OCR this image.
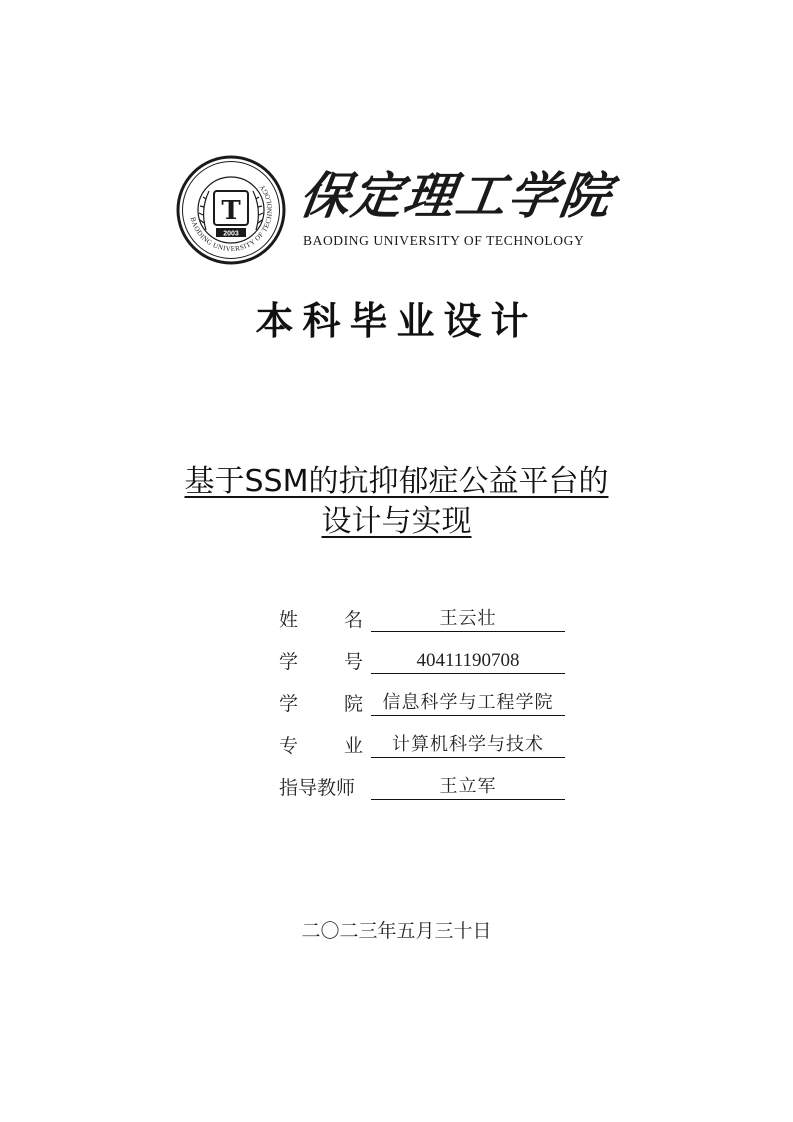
BAODING UNIVERSITY OF TECHNOLOGY
T
2003
保定理工学院
BAODING UNIVERSITY OF TECHNOLOGY
本科毕业设计
基于SSM的抗抑郁症公益平台的
设计与实现
姓 名	王云壮
学 号	40411190708
学 院	信息科学与工程学院
专 业	计算机科学与技术
指导教师	王立军
二〇二三年五月三十日
